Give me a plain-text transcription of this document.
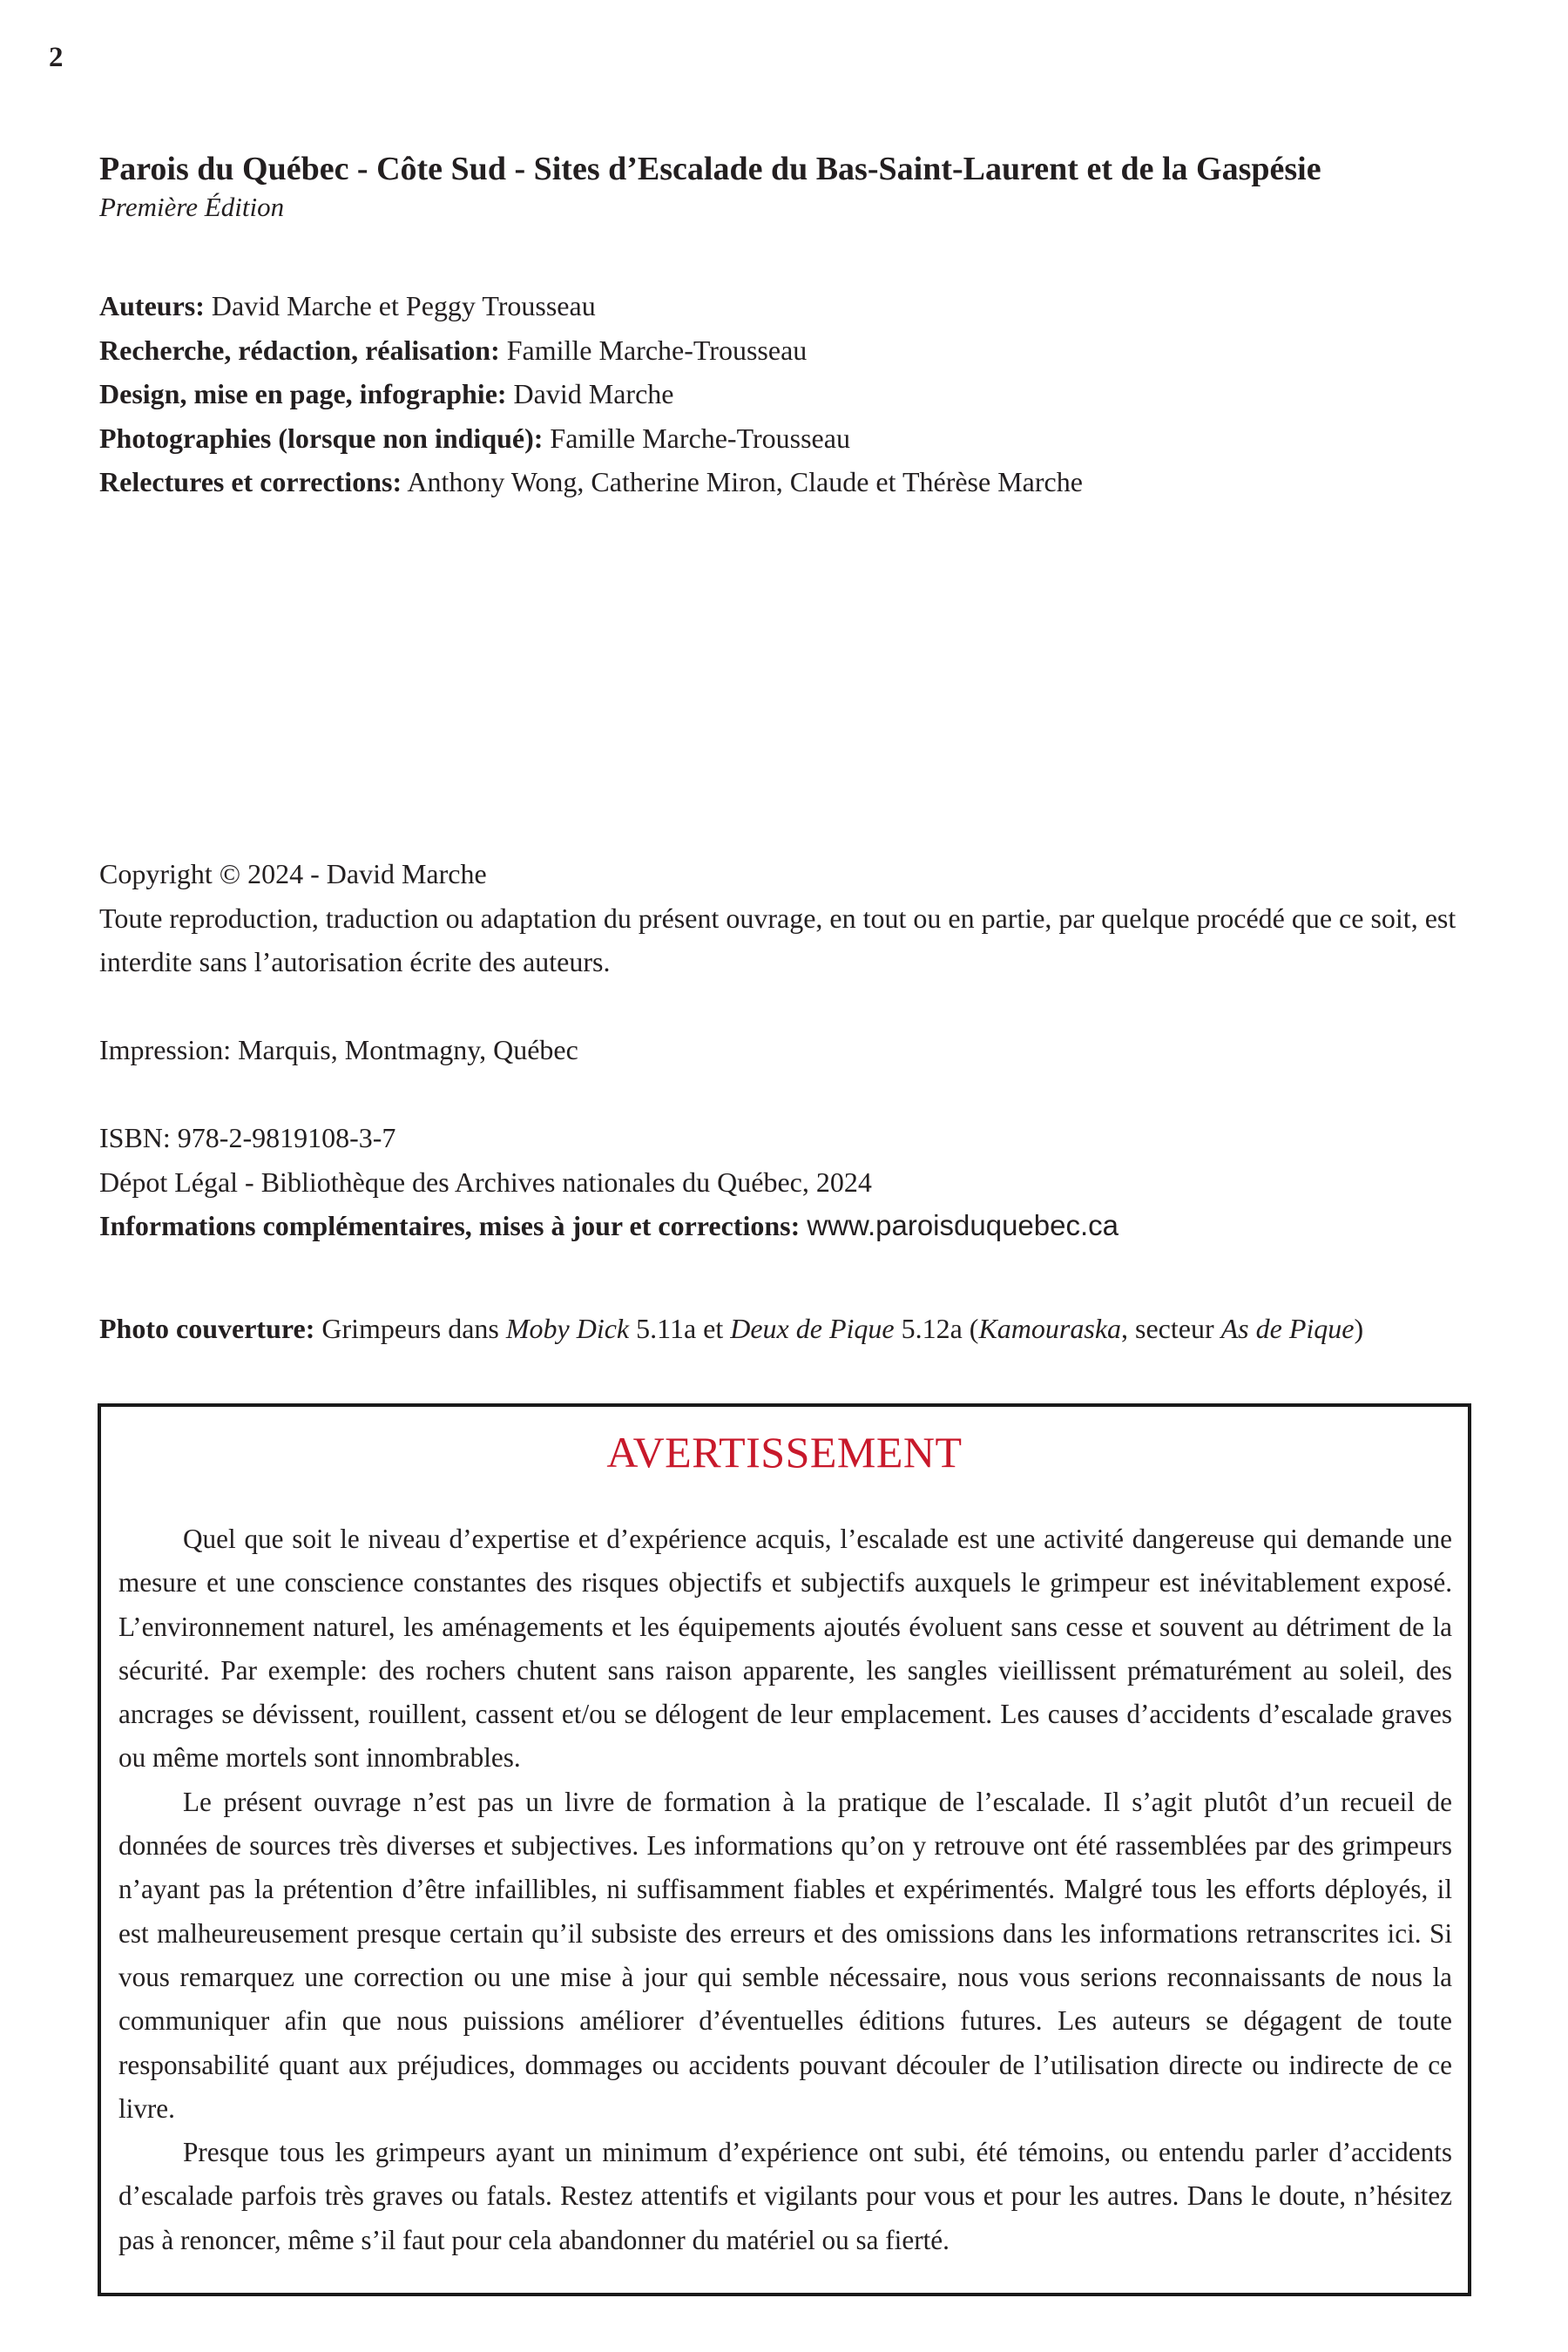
2

Parois du Québec - Côte Sud - Sites d’Escalade du Bas-Saint-Laurent et de la Gaspésie

Première Édition

Auteurs: David Marche et Peggy Trousseau
Recherche, rédaction, réalisation: Famille Marche-Trousseau
Design, mise en page, infographie: David Marche
Photographies (lorsque non indiqué): Famille Marche-Trousseau
Relectures et corrections: Anthony Wong, Catherine Miron, Claude et Thérèse Marche

Copyright © 2024 - David Marche

Toute reproduction, traduction ou adaptation du présent ouvrage, en tout ou en partie, par quelque procédé que ce soit, est interdite sans l’autorisation écrite des auteurs.

Impression: Marquis, Montmagny, Québec

ISBN: 978-2-9819108-3-7

Dépot Légal - Bibliothèque des Archives nationales du Québec, 2024

Informations complémentaires, mises à jour et corrections: www.paroisduquebec.ca

Photo couverture: Grimpeurs dans Moby Dick 5.11a et Deux de Pique 5.12a (Kamouraska, secteur As de Pique)
AVERTISSEMENT

Quel que soit le niveau d’expertise et d’expérience acquis, l’escalade est une activité dangereuse qui demande une mesure et une conscience constantes des risques objectifs et subjectifs auxquels le grimpeur est inévitablement exposé. L’environnement naturel, les aménagements et les équipements ajoutés évoluent sans cesse et souvent au détriment de la sécurité. Par exemple: des rochers chutent sans raison apparente, les sangles vieillissent prématurément au soleil, des ancrages se dévissent, rouillent, cassent et/ou se délogent de leur emplacement. Les causes d’accidents d’escalade graves ou même mortels sont innombrables.

Le présent ouvrage n’est pas un livre de formation à la pratique de l’escalade. Il s’agit plutôt d’un recueil de données de sources très diverses et subjectives. Les informations qu’on y retrouve ont été rassemblées par des grimpeurs n’ayant pas la prétention d’être infaillibles, ni suffisamment fiables et expérimentés. Malgré tous les efforts déployés, il est malheureusement presque certain qu’il subsiste des erreurs et des omissions dans les informations retranscrites ici. Si vous remarquez une correction ou une mise à jour qui semble nécessaire, nous vous serions reconnaissants de nous la communiquer afin que nous puissions améliorer d’éventuelles éditions futures. Les auteurs se dégagent de toute responsabilité quant aux préjudices, dommages ou accidents pouvant découler de l’utilisation directe ou indirecte de ce livre.

Presque tous les grimpeurs ayant un minimum d’expérience ont subi, été témoins, ou entendu parler d’accidents d’escalade parfois très graves ou fatals. Restez attentifs et vigilants pour vous et pour les autres. Dans le doute, n’hésitez pas à renoncer, même s’il faut pour cela abandonner du matériel ou sa fierté.
